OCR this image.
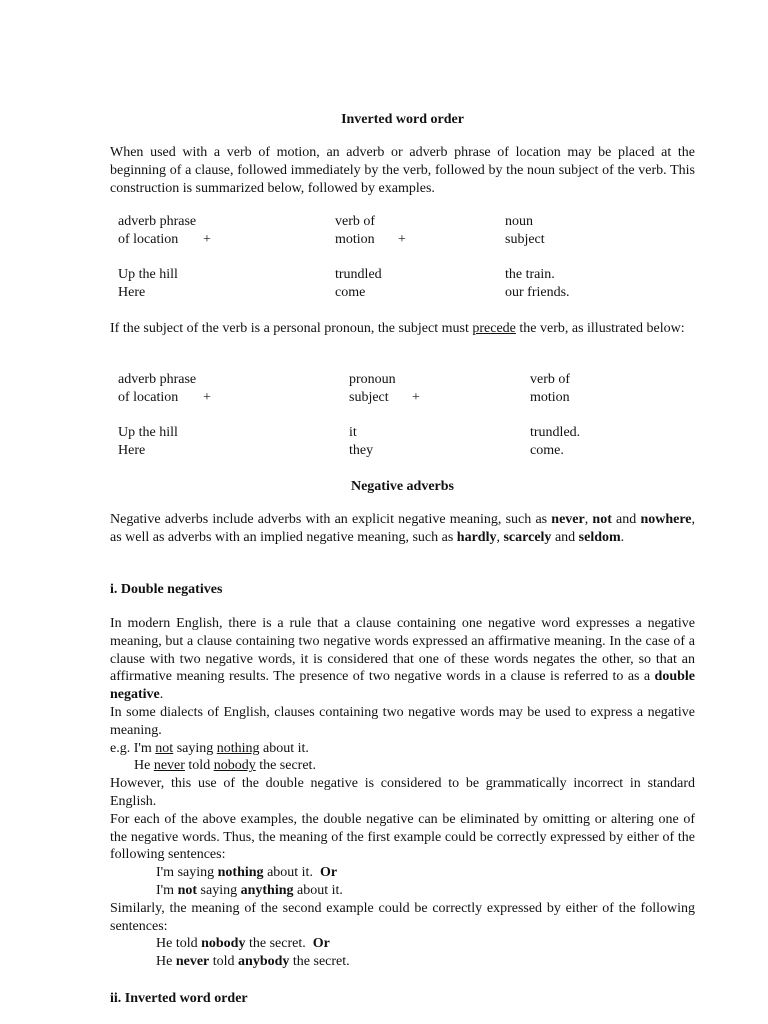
Inverted word order
When used with a verb of motion, an adverb or adverb phrase of location may be placed at the beginning of a clause, followed immediately by the verb, followed by the noun subject of the verb. This construction is summarized below, followed by examples.
adverb phrase	verb of	noun
of location +	motion +	subject
Up the hill	trundled	the train.
Here	come	our friends.
If the subject of the verb is a personal pronoun, the subject must precede the verb, as illustrated below:
adverb phrase	pronoun	verb of
of location +	subject +	motion
Up the hill	it	trundled.
Here	they	come.
Negative adverbs
Negative adverbs include adverbs with an explicit negative meaning, such as never, not and nowhere, as well as adverbs with an implied negative meaning, such as hardly, scarcely and seldom.
i. Double negatives
In modern English, there is a rule that a clause containing one negative word expresses a negative meaning, but a clause containing two negative words expressed an affirmative meaning. In the case of a clause with two negative words, it is considered that one of these words negates the other, so that an affirmative meaning results. The presence of two negative words in a clause is referred to as a double negative.
In some dialects of English, clauses containing two negative words may be used to express a negative meaning.
e.g. I'm not saying nothing about it.
He never told nobody the secret.
However, this use of the double negative is considered to be grammatically incorrect in standard English.
For each of the above examples, the double negative can be eliminated by omitting or altering one of the negative words. Thus, the meaning of the first example could be correctly expressed by either of the following sentences:
I'm saying nothing about it.  Or
I'm not saying anything about it.
Similarly, the meaning of the second example could be correctly expressed by either of the following sentences:
He told nobody the secret.  Or
He never told anybody the secret.
ii. Inverted word order
